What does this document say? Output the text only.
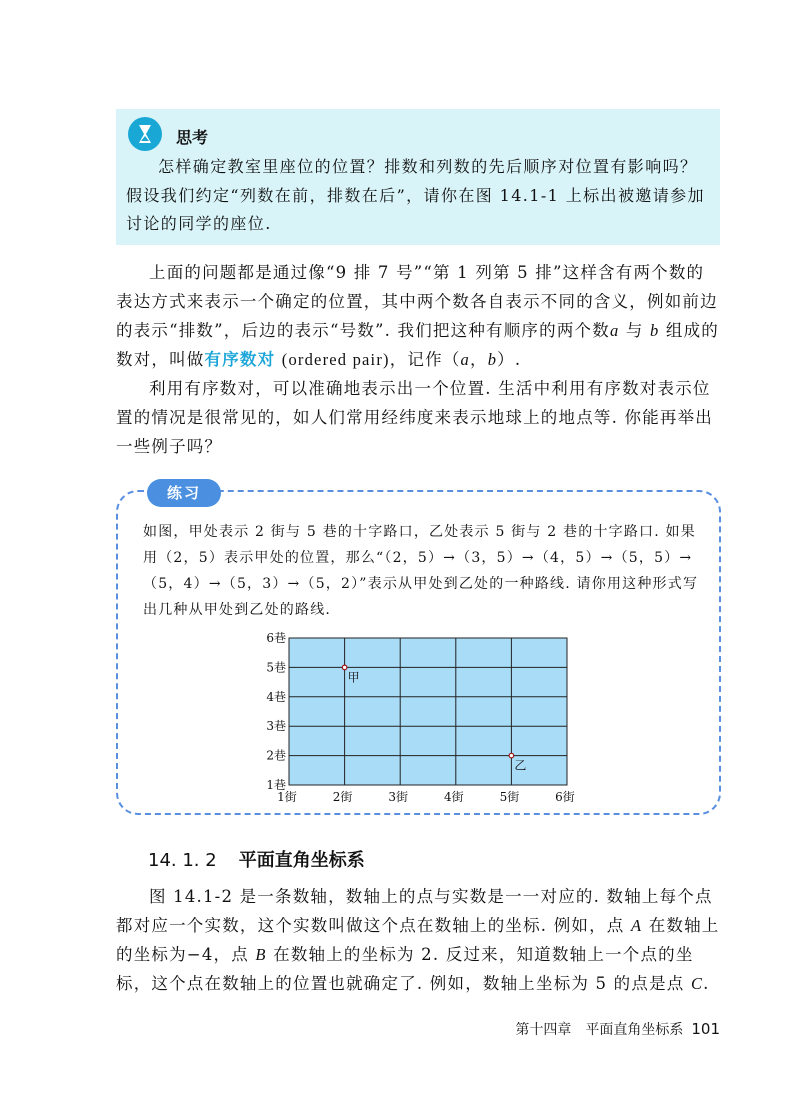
思考

怎样确定教室里座位的位置？排数和列数的先后顺序对位置有影响吗？假设我们约定“列数在前，排数在后”，请你在图 14.1-1 上标出被邀请参加讨论的同学的座位.

上面的问题都是通过像“9 排 7 号”“第 1 列第 5 排”这样含有两个数的表达方式来表示一个确定的位置，其中两个数各自表示不同的含义，例如前边的表示“排数”，后边的表示“号数”. 我们把这种有顺序的两个数a 与 b 组成的数对，叫做有序数对 (ordered pair)，记作（a，b）.

利用有序数对，可以准确地表示出一个位置. 生活中利用有序数对表示位置的情况是很常见的，如人们常用经纬度来表示地球上的地点等. 你能再举出一些例子吗？

练习

如图，甲处表示 2 街与 5 巷的十字路口，乙处表示 5 街与 2 巷的十字路口. 如果用（2，5）表示甲处的位置，那么“（2，5）→（3，5）→（4，5）→（5，5）→（5，4）→（5，3）→（5，2）”表示从甲处到乙处的一种路线. 请你用这种形式写出几种从甲处到乙处的路线.

1街	2街	3街	4街	5街	6街
1巷
2巷
3巷
4巷
5巷
6巷
甲
乙
14. 1. 2 平面直角坐标系

图 14.1-2 是一条数轴，数轴上的点与实数是一一对应的. 数轴上每个点都对应一个实数，这个实数叫做这个点在数轴上的坐标. 例如，点 A 在数轴上的坐标为−4，点 B 在数轴上的坐标为 2. 反过来，知道数轴上一个点的坐标，这个点在数轴上的位置也就确定了. 例如，数轴上坐标为 5 的点是点 C.

第十四章　平面直角坐标系 101
